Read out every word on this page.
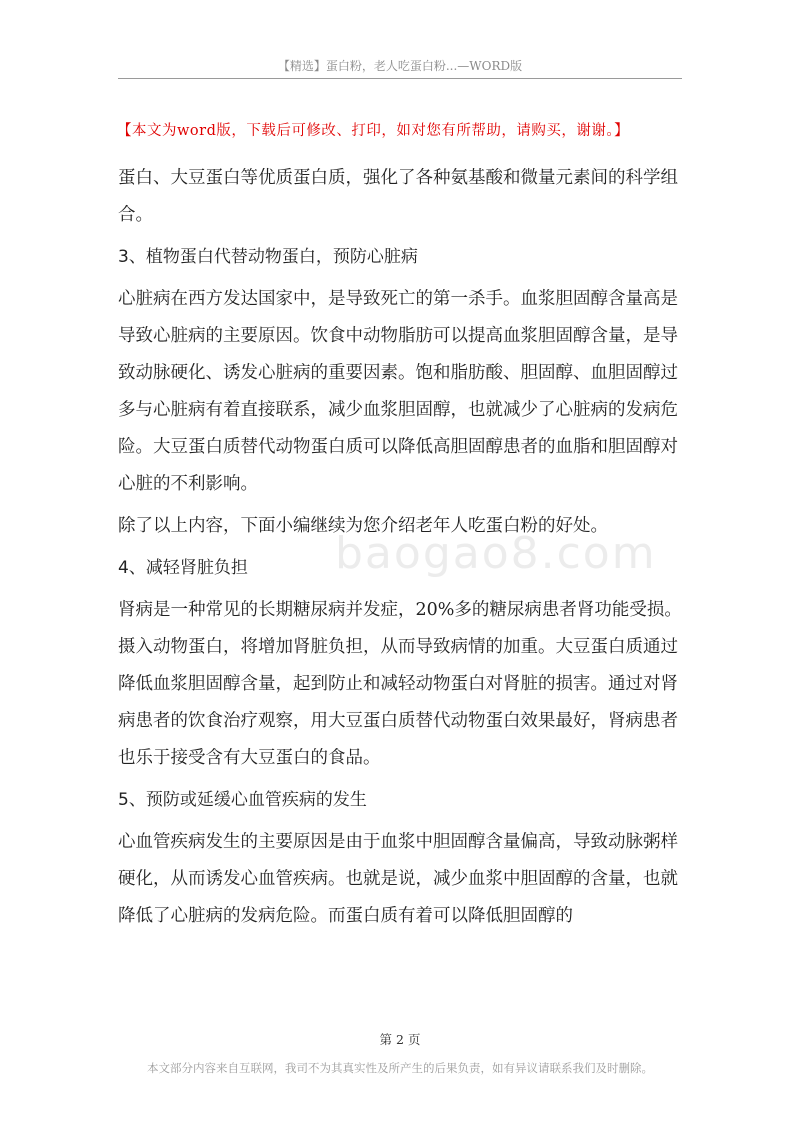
【精选】蛋白粉，老人吃蛋白粉...—WORD版
【本文为word版，下载后可修改、打印，如对您有所帮助，请购买，谢谢。】
baogao8.com

蛋白、大豆蛋白等优质蛋白质，强化了各种氨基酸和微量元素间的科学组合。

3、植物蛋白代替动物蛋白，预防心脏病

心脏病在西方发达国家中，是导致死亡的第一杀手。血浆胆固醇含量高是导致心脏病的主要原因。饮食中动物脂肪可以提高血浆胆固醇含量，是导致动脉硬化、诱发心脏病的重要因素。饱和脂肪酸、胆固醇、血胆固醇过多与心脏病有着直接联系，减少血浆胆固醇，也就减少了心脏病的发病危险。大豆蛋白质替代动物蛋白质可以降低高胆固醇患者的血脂和胆固醇对心脏的不利影响。

除了以上内容，下面小编继续为您介绍老年人吃蛋白粉的好处。

4、减轻肾脏负担

肾病是一种常见的长期糖尿病并发症，20%多的糖尿病患者肾功能受损。摄入动物蛋白，将增加肾脏负担，从而导致病情的加重。大豆蛋白质通过降低血浆胆固醇含量，起到防止和减轻动物蛋白对肾脏的损害。通过对肾病患者的饮食治疗观察，用大豆蛋白质替代动物蛋白效果最好，肾病患者也乐于接受含有大豆蛋白的食品。

5、预防或延缓心血管疾病的发生

心血管疾病发生的主要原因是由于血浆中胆固醇含量偏高，导致动脉粥样硬化，从而诱发心血管疾病。也就是说，减少血浆中胆固醇的含量，也就降低了心脏病的发病危险。而蛋白质有着可以降低胆固醇的

第 2 页
本文部分内容来自互联网，我司不为其真实性及所产生的后果负责，如有异议请联系我们及时删除。
